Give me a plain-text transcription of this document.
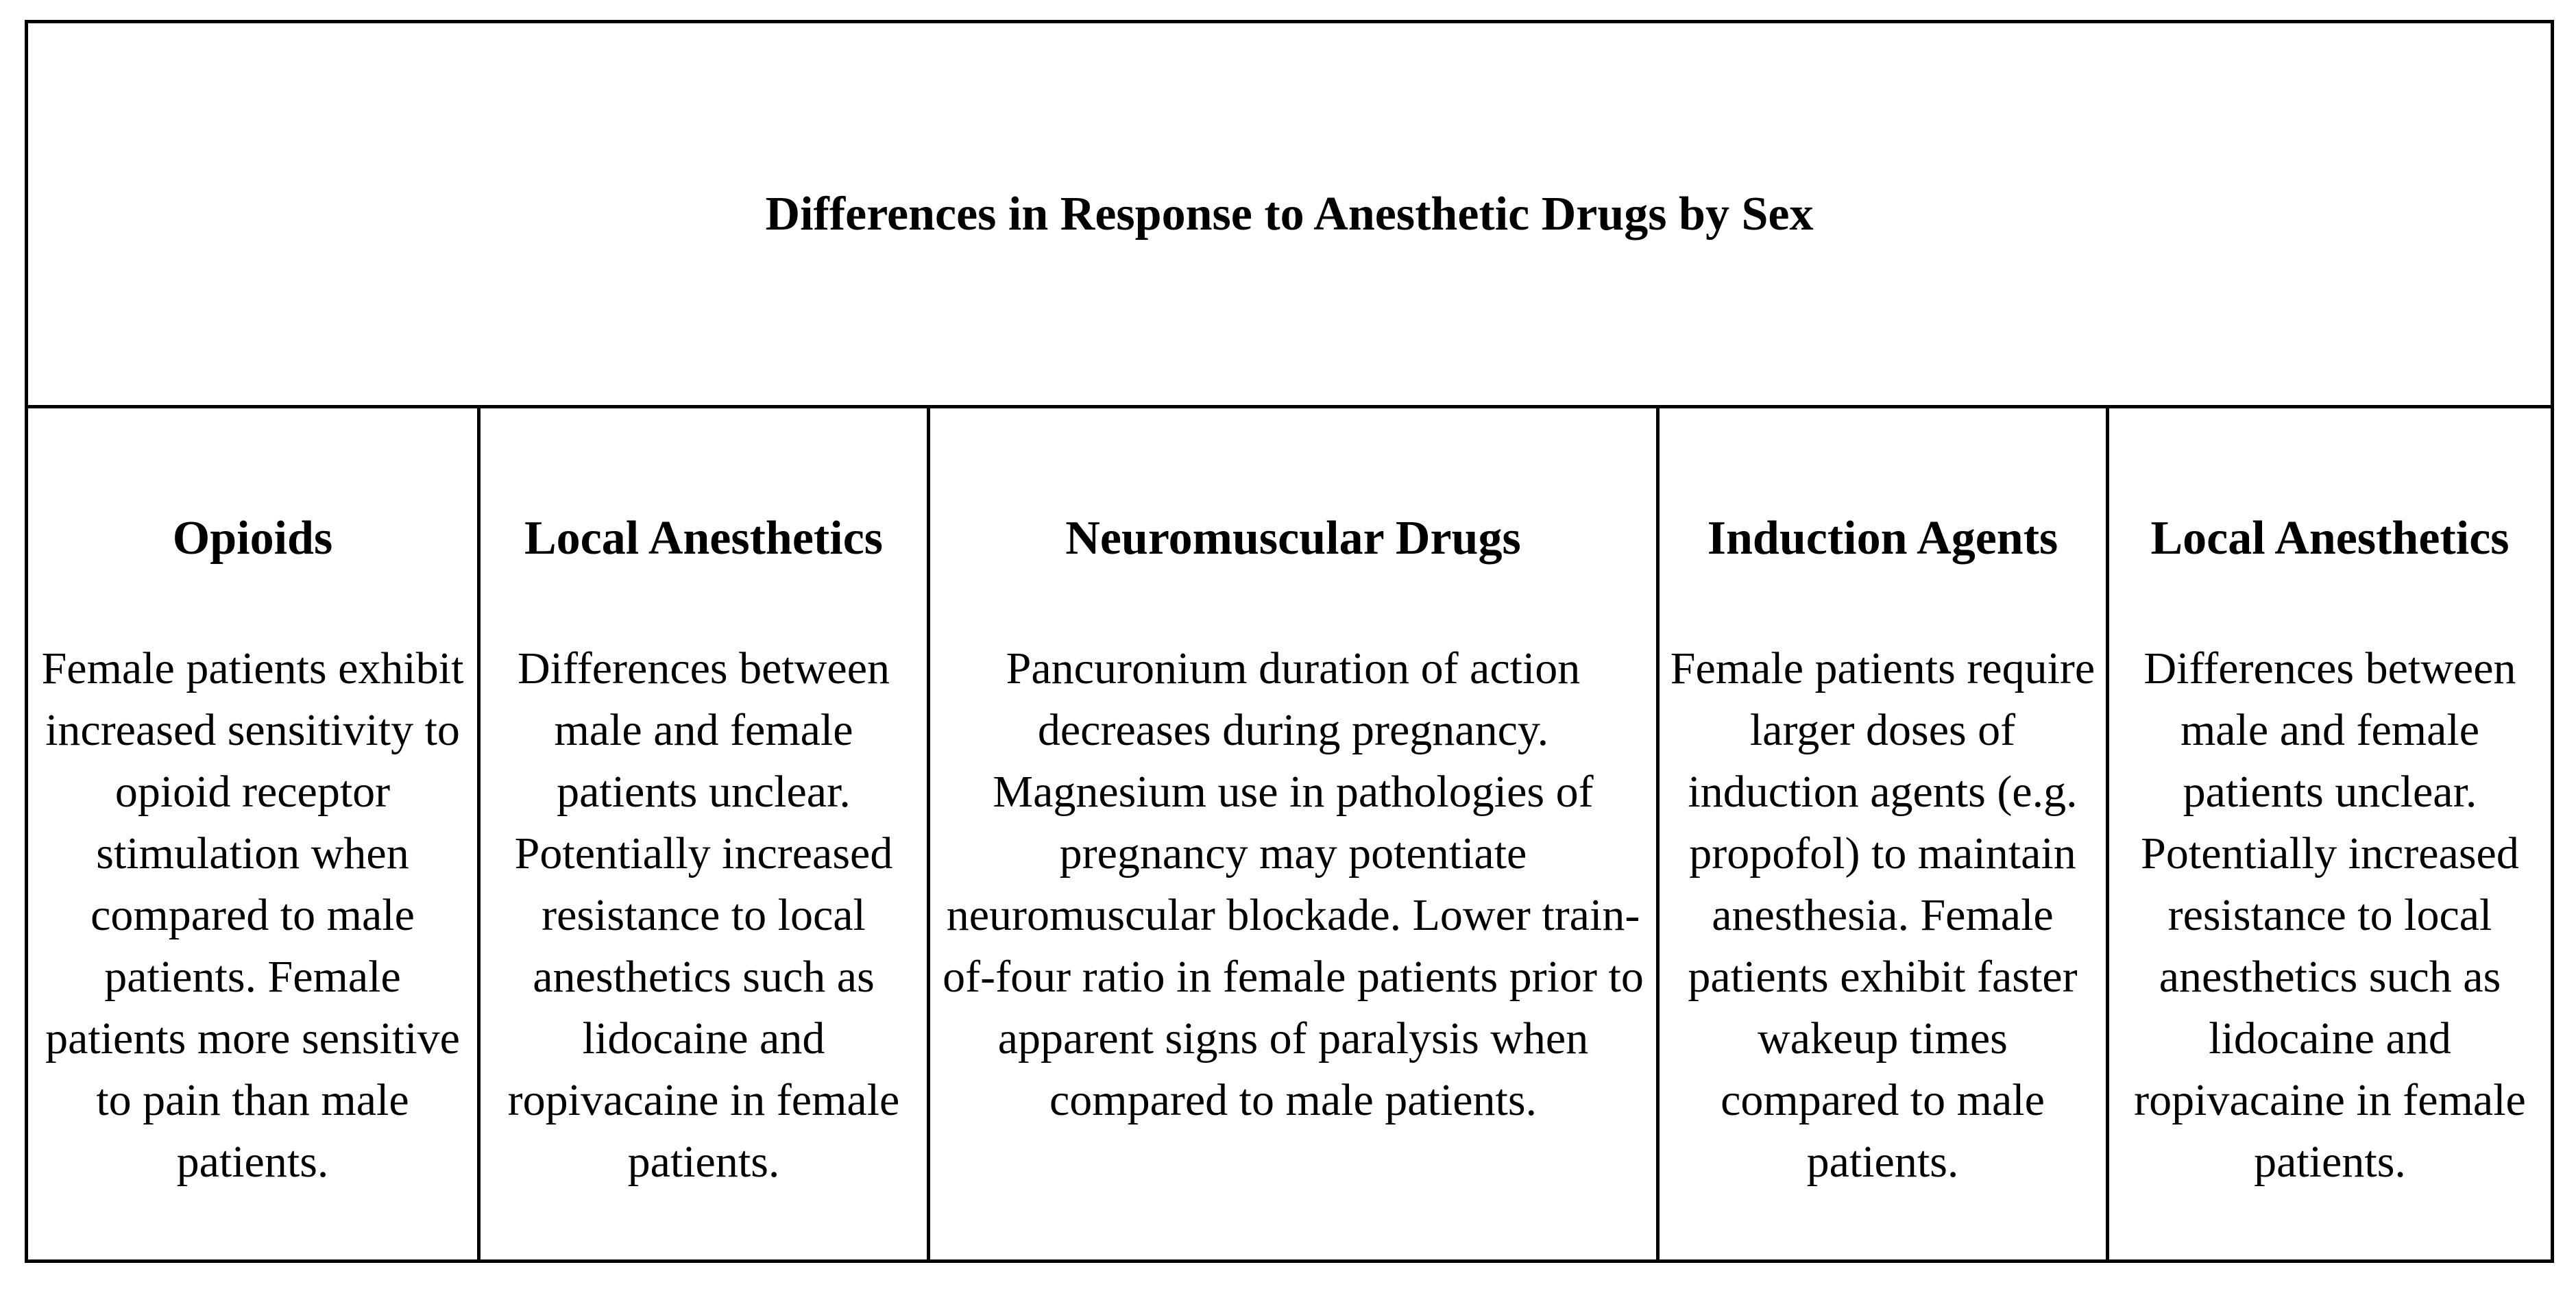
Differences in Response to Anesthetic Drugs by Sex
Opioids
Female patients exhibit increased sensitivity to opioid receptor stimulation when compared to male patients. Female patients more sensitive to pain than male patients.
Local Anesthetics
Differences between male and female patients unclear. Potentially increased resistance to local anesthetics such as lidocaine and ropivacaine in female patients.
Neuromuscular Drugs
Pancuronium duration of action decreases during pregnancy. Magnesium use in pathologies of pregnancy may potentiate neuromuscular blockade. Lower train-of-four ratio in female patients prior to apparent signs of paralysis when compared to male patients.
Induction Agents
Female patients require larger doses of induction agents (e.g. propofol) to maintain anesthesia. Female patients exhibit faster wakeup times compared to male patients.
Local Anesthetics
Differences between male and female patients unclear. Potentially increased resistance to local anesthetics such as lidocaine and ropivacaine in female patients.
